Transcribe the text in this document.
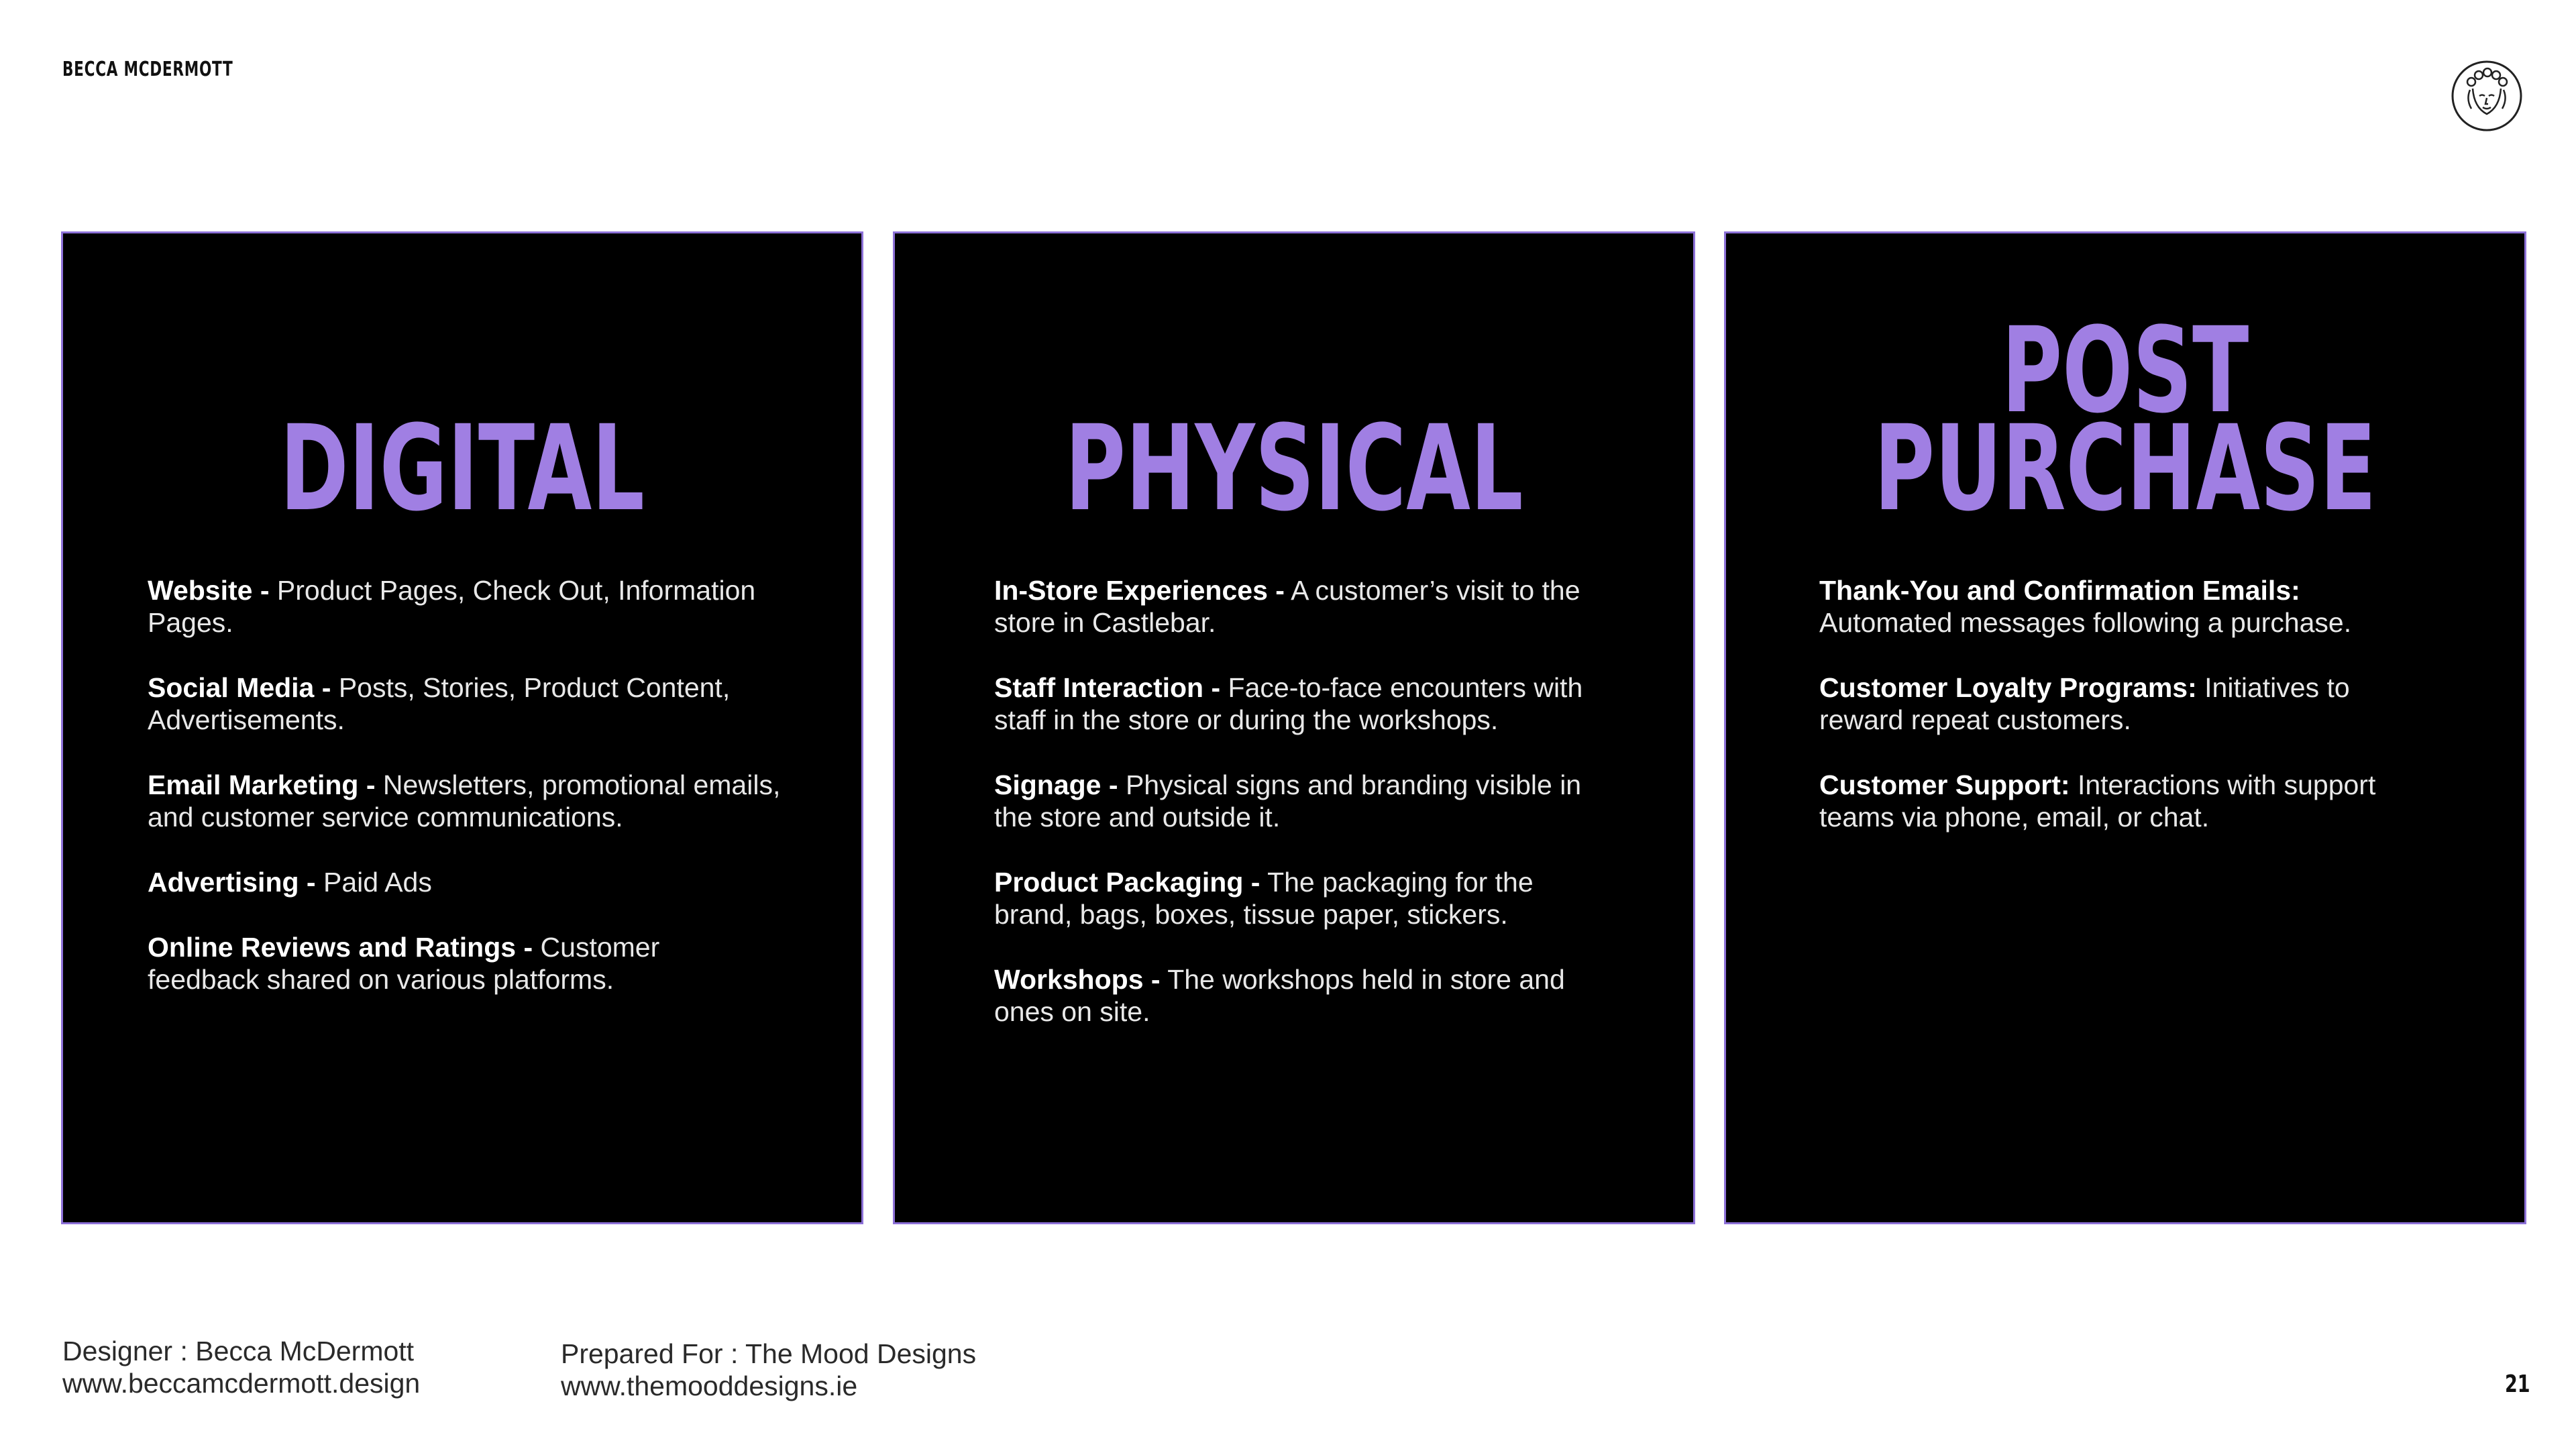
BECCA MCDERMOTT
DIGITAL
Website - Product Pages, Check Out, Information Pages.
Social Media - Posts, Stories, Product Content, Advertisements.
Email Marketing - Newsletters, promotional emails, and customer service communications.
Advertising - Paid Ads
Online Reviews and Ratings - Customer feedback shared on various platforms.
PHYSICAL
In-Store Experiences - A customer’s visit to the store in Castlebar.
Staff Interaction - Face-to-face encounters with staff in the store or during the workshops.
Signage - Physical signs and branding visible in the store and outside it.
Product Packaging - The packaging for the brand, bags, boxes, tissue paper, stickers.
Workshops - The workshops held in store and ones on site.
POST
PURCHASE
Thank-You and Confirmation Emails: Automated messages following a purchase.
Customer Loyalty Programs: Initiatives to reward repeat customers.
Customer Support: Interactions with support teams via phone, email, or chat.
Designer : Becca McDermott
www.beccamcdermott.design
Prepared For : The Mood Designs
www.themooddesigns.ie	21
